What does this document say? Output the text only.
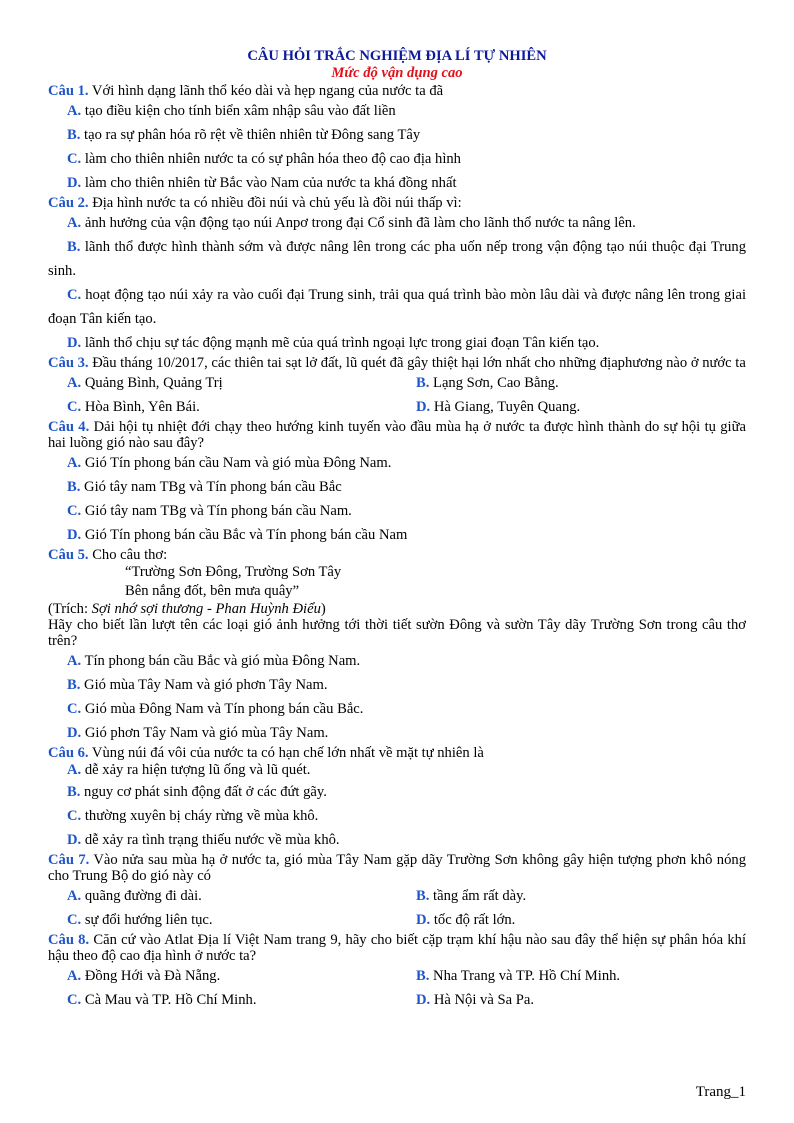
CÂU HỎI TRẮC NGHIỆM ĐỊA LÍ TỰ NHIÊN
Mức độ vận dụng cao
Câu 1. Với hình dạng lãnh thổ kéo dài và hẹp ngang của nước ta đã
A. tạo điều kiện cho tính biển xâm nhập sâu vào đất liền
B. tạo ra sự phân hóa rõ rệt về thiên nhiên từ Đông sang Tây
C. làm cho thiên nhiên nước ta có sự phân hóa theo độ cao địa hình
D. làm cho thiên nhiên từ Bắc vào Nam của nước ta khá đồng nhất
Câu 2. Địa hình nước ta có nhiều đồi núi và chủ yếu là đồi núi thấp vì:
A. ảnh hưởng của vận động tạo núi Anpơ trong đại Cổ sinh đã làm cho lãnh thổ nước ta nâng lên.
B. lãnh thổ được hình thành sớm và được nâng lên trong các pha uốn nếp trong vận động tạo núi thuộc đại Trung sinh.
C. hoạt động tạo núi xảy ra vào cuối đại Trung sinh, trải qua quá trình bào mòn lâu dài và được nâng lên trong giai đoạn Tân kiến tạo.
D. lãnh thổ chịu sự tác động mạnh mẽ của quá trình ngoại lực trong giai đoạn Tân kiến tạo.
Câu 3. Đầu tháng 10/2017, các thiên tai sạt lở đất, lũ quét đã gây thiệt hại lớn nhất cho những địaphương nào ở nước ta
A. Quảng Bình, Quảng Trị	B. Lạng Sơn, Cao Bằng.
C. Hòa Bình, Yên Bái.	D. Hà Giang, Tuyên Quang.
Câu 4. Dải hội tụ nhiệt đới chạy theo hướng kinh tuyến vào đầu mùa hạ ở nước ta được hình thành do sự hội tụ giữa hai luồng gió nào sau đây?
A. Gió Tín phong bán cầu Nam và gió mùa Đông Nam.
B. Gió tây nam TBg và Tín phong bán cầu Bắc
C. Gió tây nam TBg và Tín phong bán cầu Nam.
D. Gió Tín phong bán cầu Bắc và Tín phong bán cầu Nam
Câu 5. Cho câu thơ:
“Trường Sơn Đông, Trường Sơn Tây
Bên nắng đốt, bên mưa quây”
(Trích: Sợi nhớ sợi thương - Phan Huỳnh Điểu)
Hãy cho biết lần lượt tên các loại gió ảnh hưởng tới thời tiết sườn Đông và sườn Tây dãy Trường Sơn trong câu thơ trên?
A. Tín phong bán cầu Bắc và gió mùa Đông Nam.
B. Gió mùa Tây Nam và gió phơn Tây Nam.
C. Gió mùa Đông Nam và Tín phong bán cầu Bắc.
D. Gió phơn Tây Nam và gió mùa Tây Nam.
Câu 6. Vùng núi đá vôi của nước ta có hạn chế lớn nhất về mặt tự nhiên là
A. dễ xảy ra hiện tượng lũ ống và lũ quét.
B. nguy cơ phát sinh động đất ở các đứt gãy.
C. thường xuyên bị cháy rừng về mùa khô.
D. dễ xảy ra tình trạng thiếu nước về mùa khô.
Câu 7. Vào nửa sau mùa hạ ở nước ta, gió mùa Tây Nam gặp dãy Trường Sơn không gây hiện tượng phơn khô nóng cho Trung Bộ do gió này có
A. quãng đường đi dài.	B. tầng ẩm rất dày.
C. sự đổi hướng liên tục.	D. tốc độ rất lớn.
Câu 8. Căn cứ vào Atlat Địa lí Việt Nam trang 9, hãy cho biết cặp trạm khí hậu nào sau đây thể hiện sự phân hóa khí hậu theo độ cao địa hình ở nước ta?
A. Đồng Hới và Đà Nẵng.	B. Nha Trang và TP. Hồ Chí Minh.
C. Cà Mau và TP. Hồ Chí Minh.	D. Hà Nội và Sa Pa.
Trang_1
